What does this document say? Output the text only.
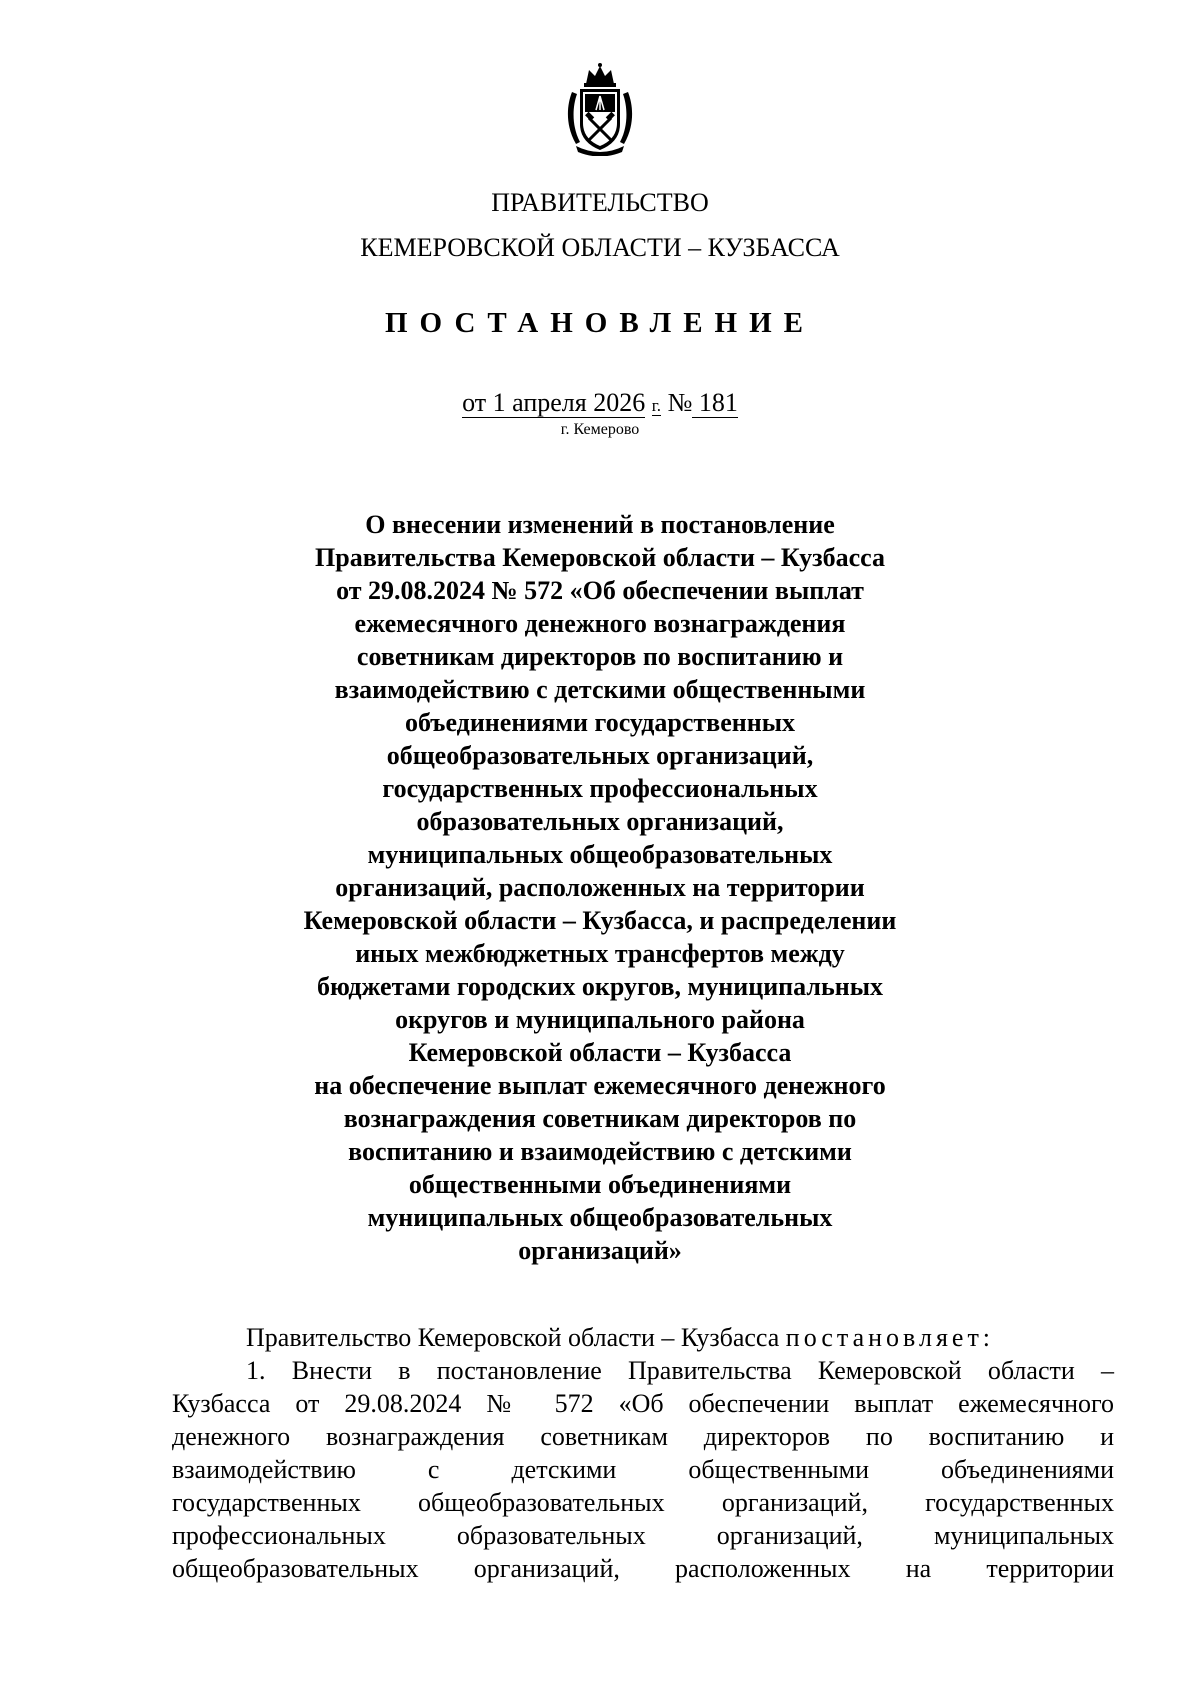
ПРАВИТЕЛЬСТВО
КЕМЕРОВСКОЙ ОБЛАСТИ – КУЗБАССА
ПОСТАНОВЛЕНИЕ
от 1 апреля 2026 г. № 181
г. Кемерово
О внесении изменений в постановление
Правительства Кемеровской области – Кузбасса
от 29.08.2024 № 572 «Об обеспечении выплат
ежемесячного денежного вознаграждения
советникам директоров по воспитанию и
взаимодействию с детскими общественными
объединениями государственных
общеобразовательных организаций,
государственных профессиональных
образовательных организаций,
муниципальных общеобразовательных
организаций, расположенных на территории
Кемеровской области – Кузбасса, и распределении
иных межбюджетных трансфертов между
бюджетами городских округов, муниципальных
округов и муниципального района
Кемеровской области – Кузбасса
на обеспечение выплат ежемесячного денежного
вознаграждения советникам директоров по
воспитанию и взаимодействию с детскими
общественными объединениями
муниципальных общеобразовательных
организаций»
Правительство Кемеровской области – Кузбасса постановляет:
1. Внести в постановление Правительства Кемеровской области –
Кузбасса от 29.08.2024 № 572 «Об обеспечении выплат ежемесячного
денежного вознаграждения советникам директоров по воспитанию и
взаимодействию с детскими общественными объединениями
государственных общеобразовательных организаций, государственных
профессиональных образовательных организаций, муниципальных
общеобразовательных организаций, расположенных на территории
